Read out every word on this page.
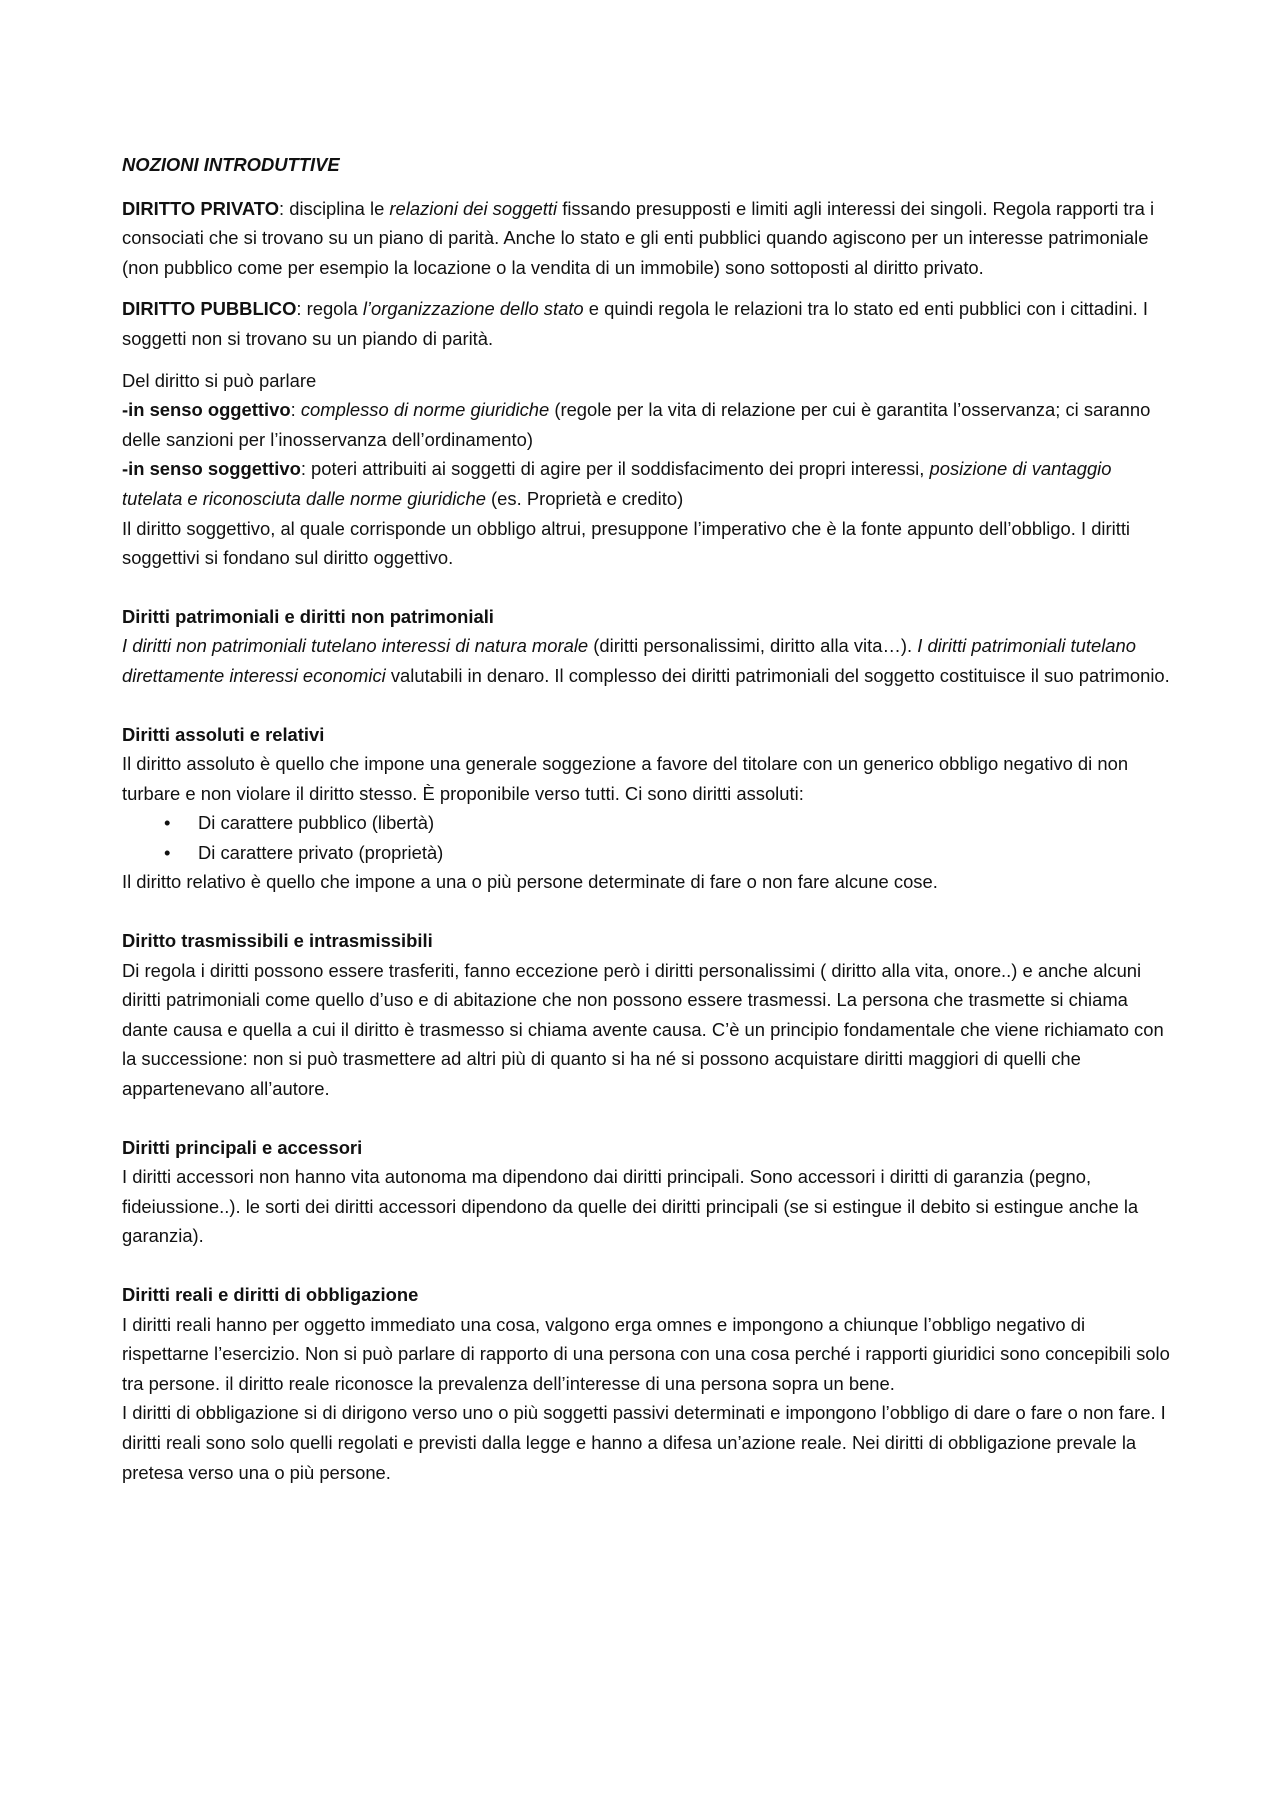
NOZIONI INTRODUTTIVE

DIRITTO PRIVATO: disciplina le relazioni dei soggetti fissando presupposti e limiti agli interessi dei singoli. Regola rapporti tra i consociati che si trovano su un piano di parità. Anche lo stato e gli enti pubblici quando agiscono per un interesse patrimoniale (non pubblico come per esempio la locazione o la vendita di un immobile) sono sottoposti al diritto privato.

DIRITTO PUBBLICO: regola l’organizzazione dello stato e quindi regola le relazioni tra lo stato ed enti pubblici con i cittadini. I soggetti non si trovano su un piando di parità.

Del diritto si può parlare

-in senso oggettivo: complesso di norme giuridiche (regole per la vita di relazione per cui è garantita l’osservanza; ci saranno delle sanzioni per l’inosservanza dell’ordinamento)

-in senso soggettivo: poteri attribuiti ai soggetti di agire per il soddisfacimento dei propri interessi, posizione di vantaggio tutelata e riconosciuta dalle norme giuridiche (es. Proprietà e credito)

Il diritto soggettivo, al quale corrisponde un obbligo altrui, presuppone l’imperativo che è la fonte appunto dell’obbligo. I diritti soggettivi si fondano sul diritto oggettivo.

Diritti patrimoniali e diritti non patrimoniali

I diritti non patrimoniali tutelano interessi di natura morale (diritti personalissimi, diritto alla vita…). I diritti patrimoniali tutelano direttamente interessi economici valutabili in denaro. Il complesso dei diritti patrimoniali del soggetto costituisce il suo patrimonio.

Diritti assoluti e relativi

Il diritto assoluto è quello che impone una generale soggezione a favore del titolare con un generico obbligo negativo di non turbare e non violare il diritto stesso. È proponibile verso tutti. Ci sono diritti assoluti:

• Di carattere pubblico (libertà)
• Di carattere privato (proprietà)

Il diritto relativo è quello che impone a una o più persone determinate di fare o non fare alcune cose.

Diritto trasmissibili e intrasmissibili

Di regola i diritti possono essere trasferiti, fanno eccezione però i diritti personalissimi ( diritto alla vita, onore..) e anche alcuni diritti patrimoniali come quello d’uso e di abitazione che non possono essere trasmessi. La persona che trasmette si chiama dante causa e quella a cui il diritto è trasmesso si chiama avente causa. C’è un principio fondamentale che viene richiamato con la successione: non si può trasmettere ad altri più di quanto si ha né si possono acquistare diritti maggiori di quelli che appartenevano all’autore.

Diritti principali e accessori

I diritti accessori non hanno vita autonoma ma dipendono dai diritti principali. Sono accessori i diritti di garanzia (pegno, fideiussione..). le sorti dei diritti accessori dipendono da quelle dei diritti principali (se si estingue il debito si estingue anche la garanzia).

Diritti reali e diritti di obbligazione

I diritti reali hanno per oggetto immediato una cosa, valgono erga omnes e impongono a chiunque l’obbligo negativo di rispettarne l’esercizio. Non si può parlare di rapporto di una persona con una cosa perché i rapporti giuridici sono concepibili solo tra persone. il diritto reale riconosce la prevalenza dell’interesse di una persona sopra un bene.

I diritti di obbligazione si di dirigono verso uno o più soggetti passivi determinati e impongono l’obbligo di dare o fare o non fare. I diritti reali sono solo quelli regolati e previsti dalla legge e hanno a difesa un’azione reale. Nei diritti di obbligazione prevale la pretesa verso una o più persone.
